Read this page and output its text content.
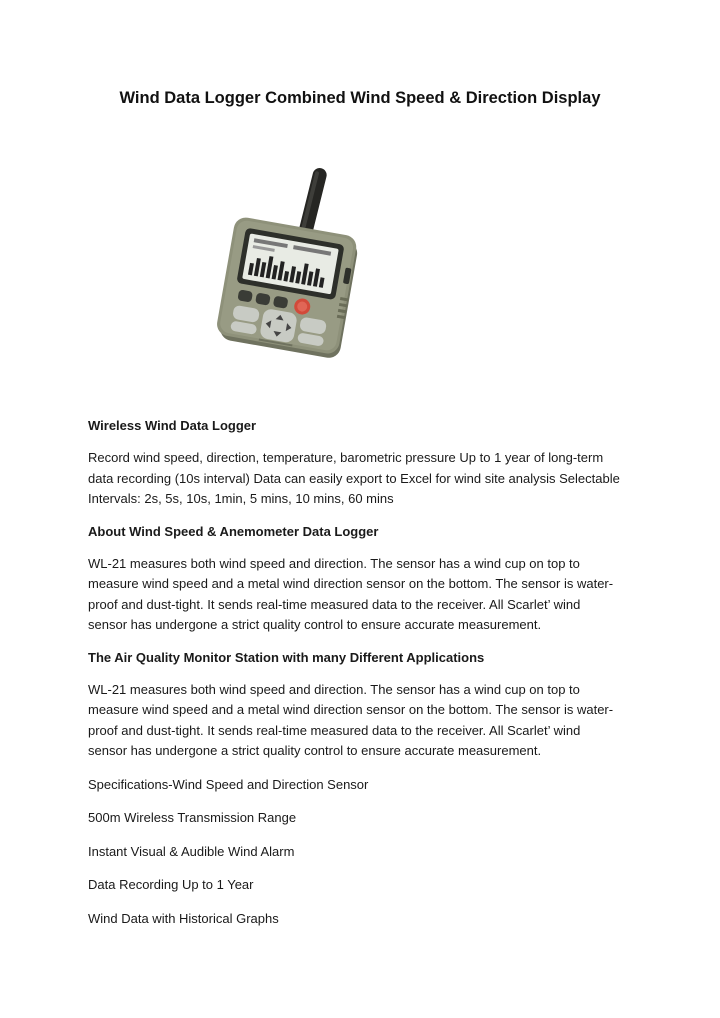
Wind Data Logger Combined Wind Speed & Direction Display
Wireless Wind Data Logger

Record wind speed, direction, temperature, barometric pressure Up to 1 year of long-term
data recording (10s interval) Data can easily export to Excel for wind site analysis Selectable
Intervals: 2s, 5s, 10s, 1min, 5 mins, 10 mins, 60 mins

About Wind Speed & Anemometer Data Logger

WL-21 measures both wind speed and direction. The sensor has a wind cup on top to
measure wind speed and a metal wind direction sensor on the bottom. The sensor is water-
proof and dust-tight. It sends real-time measured data to the receiver. All Scarlet’ wind
sensor has undergone a strict quality control to ensure accurate measurement.

The Air Quality Monitor Station with many Different Applications

WL-21 measures both wind speed and direction. The sensor has a wind cup on top to
measure wind speed and a metal wind direction sensor on the bottom. The sensor is water-
proof and dust-tight. It sends real-time measured data to the receiver. All Scarlet’ wind
sensor has undergone a strict quality control to ensure accurate measurement.

Specifications-Wind Speed and Direction Sensor

500m Wireless Transmission Range

Instant Visual & Audible Wind Alarm

Data Recording Up to 1 Year

Wind Data with Historical Graphs
